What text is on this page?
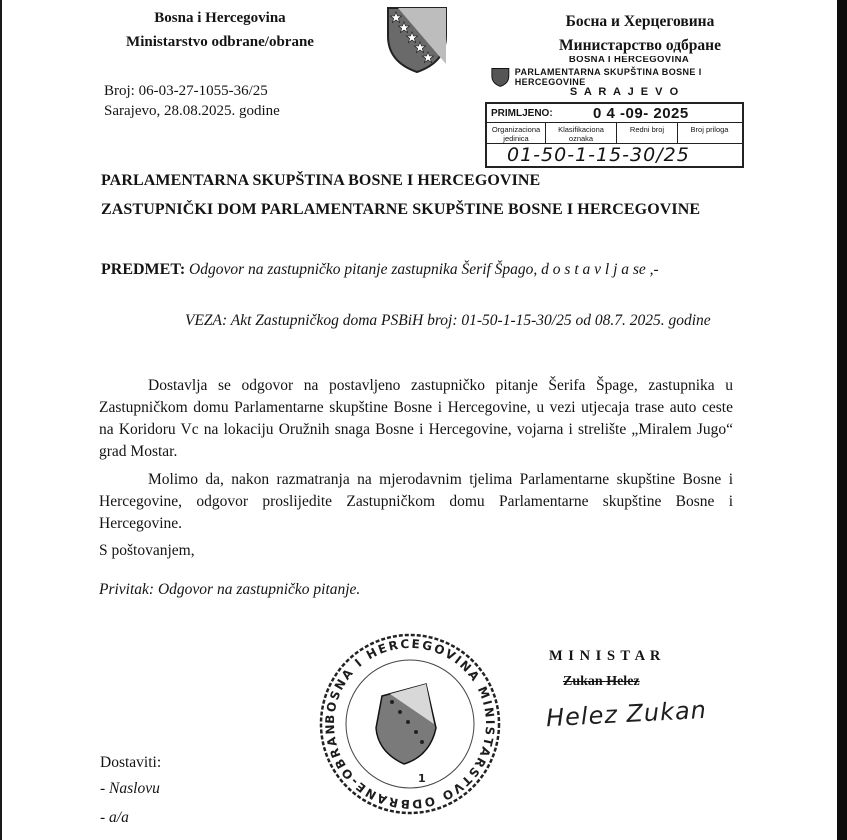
Bosna i Hercegovina
Ministarstvo odbrane/obrane
Broj: 06-03-27-1055-36/25
Sarajevo, 28.08.2025. godine
Босна и Херцеговина
Министарство одбране
BOSNA I HERCEGOVINA
PARLAMENTARNA SKUPŠTINA BOSNE I HERCEGOVINE
S A R A J E V O
PRIMLJENO:	0 4 -09- 2025
Organizaciona jedinica
Klasifikaciona oznaka
Redni broj	Broj priloga
01-50-1-15-30/25
PARLAMENTARNA SKUPŠTINA BOSNE I HERCEGOVINE
ZASTUPNIČKI DOM PARLAMENTARNE SKUPŠTINE BOSNE I HERCEGOVINE
PREDMET: Odgovor na zastupničko pitanje zastupnika Šerif Špago, d o s t a v l j a se ,-
VEZA: Akt Zastupničkog doma PSBiH broj: 01-50-1-15-30/25 od 08.7. 2025. godine
Dostavlja se odgovor na postavljeno zastupničko pitanje Šerifa Špage, zastupnika u
Zastupničkom domu Parlamentarne skupštine Bosne i Hercegovine, u vezi utjecaja trase auto ceste
na Koridoru Vc na lokaciju Oružnih snaga Bosne i Hercegovine, vojarna i strelište „Miralem Jugo“
grad Mostar.
Molimo da, nakon razmatranja na mjerodavnim tjelima Parlamentarne skupštine Bosne i
Hercegovine, odgovor proslijedite Zastupničkom domu Parlamentarne skupštine Bosne i
Hercegovine.
S poštovanjem,
Privitak: Odgovor na zastupničko pitanje.
BOSNA I HERCEGOVINA MINISTARSTVO ODBRANE-OBRAN
1
M I N I S T A R
Zukan Helez
Helez Zukan
Dostaviti:
- Naslovu
- a/a
